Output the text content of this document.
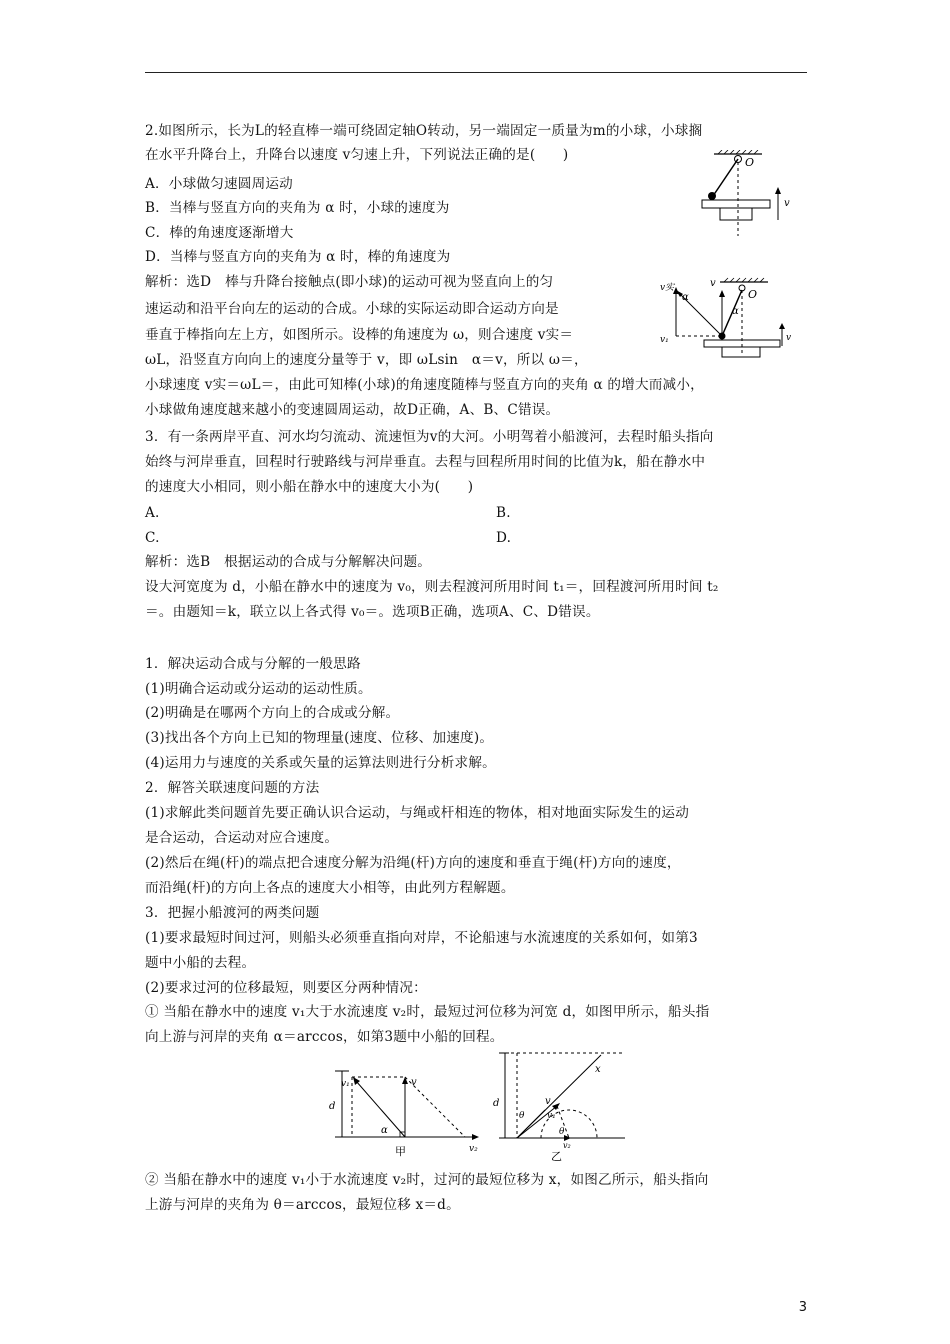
2.如图所示，长为L的轻直棒一端可绕固定轴O转动，另一端固定一质量为m的小球，小球搁
在水平升降台上，升降台以速度 v匀速上升，下列说法正确的是(　　)
A．小球做匀速圆周运动
B．当棒与竖直方向的夹角为 α 时，小球的速度为
C．棒的角速度逐渐增大
D．当棒与竖直方向的夹角为 α 时，棒的角速度为
解析：选D　棒与升降台接触点(即小球)的运动可视为竖直向上的匀
速运动和沿平台向左的运动的合成。小球的实际运动即合运动方向是
垂直于棒指向左上方，如图所示。设棒的角速度为 ω，则合速度 v实＝
ωL，沿竖直方向向上的速度分量等于 v，即 ωLsin　α＝v，所以 ω＝，
小球速度 v实＝ωL＝，由此可知棒(小球)的角速度随棒与竖直方向的夹角 α 的增大而减小，
小球做角速度越来越小的变速圆周运动，故D正确，A、B、C错误。
O
v
v实
α
v
O
α
v₁	v
3．有一条两岸平直、河水均匀流动、流速恒为v的大河。小明驾着小船渡河，去程时船头指向
始终与河岸垂直，回程时行驶路线与河岸垂直。去程与回程所用时间的比值为k，船在静水中
的速度大小相同，则小船在静水中的速度大小为(　　)
A.	B.
C.	D.
解析：选B　根据运动的合成与分解解决问题。
设大河宽度为 d，小船在静水中的速度为 v₀，则去程渡河所用时间 t₁＝，回程渡河所用时间 t₂
＝。由题知＝k，联立以上各式得 v₀＝。选项B正确，选项A、C、D错误。
1．解决运动合成与分解的一般思路
(1)明确合运动或分运动的运动性质。
(2)明确是在哪两个方向上的合成或分解。
(3)找出各个方向上已知的物理量(速度、位移、加速度)。
(4)运用力与速度的关系或矢量的运算法则进行分析求解。
2．解答关联速度问题的方法
(1)求解此类问题首先要正确认识合运动，与绳或杆相连的物体，相对地面实际发生的运动
是合运动，合运动对应合速度。
(2)然后在绳(杆)的端点把合速度分解为沿绳(杆)方向的速度和垂直于绳(杆)方向的速度，
而沿绳(杆)的方向上各点的速度大小相等，由此列方程解题。
3．把握小船渡河的两类问题
(1)要求最短时间过河，则船头必须垂直指向对岸，不论船速与水流速度的关系如何，如第3
题中小船的去程。
(2)要求过河的位移最短，则要区分两种情况：
① 当船在静水中的速度 v₁大于水流速度 v₂时，最短过河位移为河宽 d，如图甲所示，船头指
向上游与河岸的夹角 α＝arccos，如第3题中小船的回程。
v₁	v
d
α
v₂
甲
x
d
θ
v
v₁
θ
v₂
乙
② 当船在静水中的速度 v₁小于水流速度 v₂时，过河的最短位移为 x，如图乙所示，船头指向
上游与河岸的夹角为 θ＝arccos，最短位移 x＝d。
3
